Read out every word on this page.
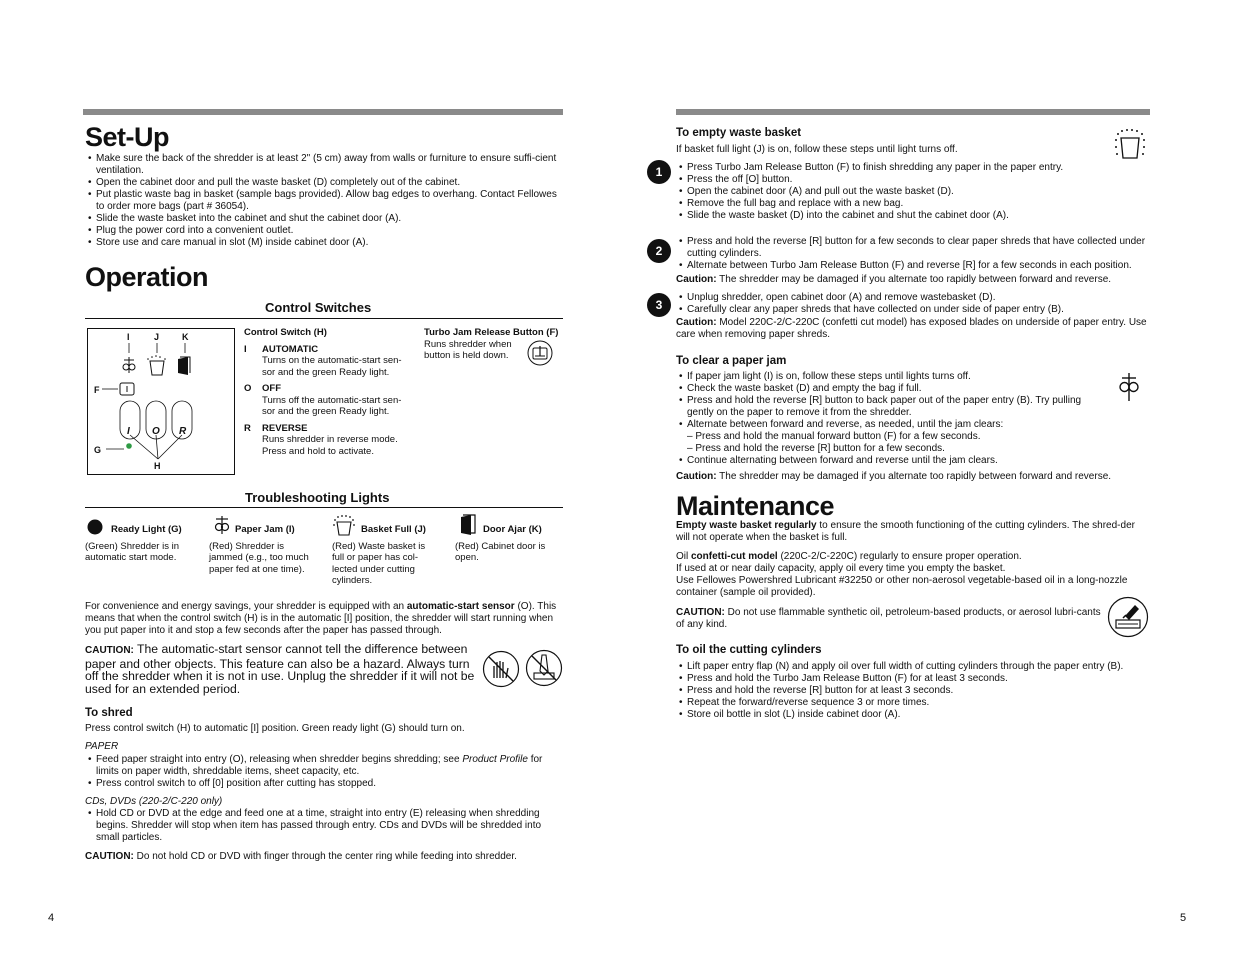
Set-Up
• Make sure the back of the shredder is at least 2" (5 cm) away from walls or furniture to ensure suffi-cient ventilation.
• Open the cabinet door and pull the waste basket (D) completely out of the cabinet.
• Put plastic waste bag in basket (sample bags provided). Allow bag edges to overhang. Contact Fellowes to order more bags (part # 36054).
• Slide the waste basket into the cabinet and shut the cabinet door (A).
• Plug the power cord into a convenient outlet.
• Store use and care manual in slot (M) inside cabinet door (A).
Operation
Control Switches
I	J	K
F
G
H
I O R
Control Switch (H)
I AUTOMATIC
Turns on the automatic-start sen-sor and the green Ready light.
O OFF
Turns off the automatic-start sen-sor and the green Ready light.
R REVERSE
Runs shredder in reverse mode. Press and hold to activate.
Turbo Jam Release Button (F)
Runs shredder when button is held down.
Troubleshooting Lights
Ready Light (G)
(Green) Shredder is in automatic start mode.
Paper Jam (I)
(Red) Shredder is jammed (e.g., too much paper fed at one time).
Basket Full (J)
(Red) Waste basket is full or paper has col-lected under cutting cylinders.
Door Ajar (K)
(Red) Cabinet door is open.

For convenience and energy savings, your shredder is equipped with an automatic-start sensor (O). This means that when the control switch (H) is in the automatic [I] position, the shredder will start running when you put paper into it and stop a few seconds after the paper has passed through.

CAUTION: The automatic-start sensor cannot tell the difference between paper and other objects. This feature can also be a hazard. Always turn off the shredder when it is not in use. Unplug the shredder if it will not be used for an extended period.

To shred

Press control switch (H) to automatic [I] position. Green ready light (G) should turn on.

PAPER

• Feed paper straight into entry (O), releasing when shredder begins shredding; see Product Profile for limits on paper width, shreddable items, sheet capacity, etc.
• Press control switch to off [0] position after cutting has stopped.

CDs, DVDs (220-2/C-220 only)

• Hold CD or DVD at the edge and feed one at a time, straight into entry (E) releasing when shredding begins. Shredder will stop when item has passed through entry. CDs and DVDs will be shredded into small particles.

CAUTION: Do not hold CD or DVD with finger through the center ring while feeding into shredder.

To empty waste basket

If basket full light (J) is on, follow these steps until light turns off.

1
•	Press Turbo Jam Release Button (F) to finish shredding any paper in the paper entry.
• Press the off [O] button.
• Open the cabinet door (A) and pull out the waste basket (D).
• Remove the full bag and replace with a new bag.
• Slide the waste basket (D) into the cabinet and shut the cabinet door (A).
2
• Press and hold the reverse [R] button for a few seconds to clear paper shreds that have collected under cutting cylinders.
• Alternate between Turbo Jam Release Button (F) and reverse [R] for a few seconds in each position.

Caution: The shredder may be damaged if you alternate too rapidly between forward and reverse.

3
• Unplug shredder, open cabinet door (A) and remove wastebasket (D).
• Carefully clear any paper shreds that have collected on under side of paper entry (B).

Caution: Model 220C-2/C-220C (confetti cut model) has exposed blades on underside of paper entry. Use care when removing paper shreds.

To clear a paper jam
• If paper jam light (I) is on, follow these steps until lights turns off.
• Check the waste basket (D) and empty the bag if full.
• Press and hold the reverse [R] button to back paper out of the paper entry (B). Try pulling gently on the paper to remove it from the shredder.
• Alternate between forward and reverse, as needed, until the jam clears:
– Press and hold the manual forward button (F) for a few seconds.
– Press and hold the reverse [R] button for a few seconds.
• Continue alternating between forward and reverse until the jam clears.

Caution: The shredder may be damaged if you alternate too rapidly between forward and reverse.

Maintenance

Empty waste basket regularly to ensure the smooth functioning of the cutting cylinders. The shred-der will not operate when the basket is full.

Oil confetti-cut model (220C-2/C-220C) regularly to ensure proper operation.

If used at or near daily capacity, apply oil every time you empty the basket.

Use Fellowes Powershred Lubricant #32250 or other non-aerosol vegetable-based oil in a long-nozzle container (sample oil provided).

CAUTION: Do not use flammable synthetic oil, petroleum-based products, or aerosol lubri-cants of any kind.

To oil the cutting cylinders
• Lift paper entry flap (N) and apply oil over full width of cutting cylinders through the paper entry (B).
• Press and hold the Turbo Jam Release Button (F) for at least 3 seconds.
• Press and hold the reverse [R] button for at least 3 seconds.
• Repeat the forward/reverse sequence 3 or more times.
• Store oil bottle in slot (L) inside cabinet door (A).
4	5
